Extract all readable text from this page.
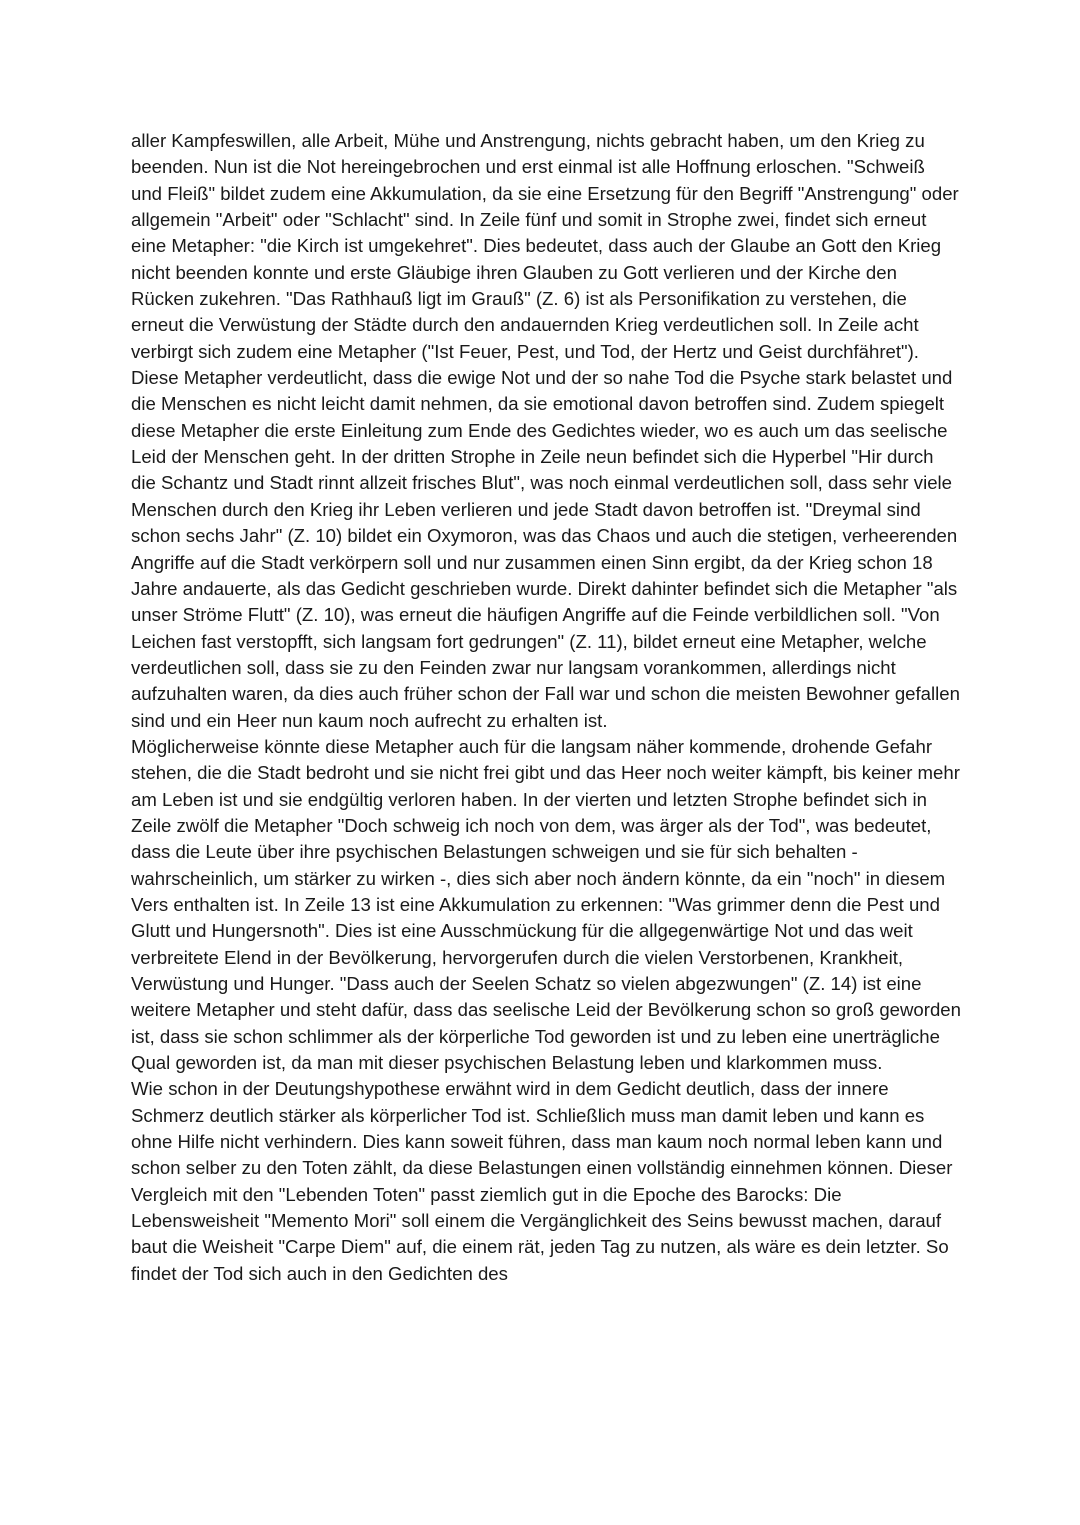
aller Kampfeswillen, alle Arbeit, Mühe und Anstrengung, nichts gebracht haben, um den Krieg zu beenden. Nun ist die Not hereingebrochen und erst einmal ist alle Hoffnung erloschen. "Schweiß und Fleiß" bildet zudem eine Akkumulation, da sie eine Ersetzung für den Begriff "Anstrengung" oder allgemein "Arbeit" oder "Schlacht" sind. In Zeile fünf und somit in Strophe zwei, findet sich erneut eine Metapher: "die Kirch ist umgekehret". Dies bedeutet, dass auch der Glaube an Gott den Krieg nicht beenden konnte und erste Gläubige ihren Glauben zu Gott verlieren und der Kirche den Rücken zukehren. "Das Rathhauß ligt im Grauß" (Z. 6) ist als Personifikation zu verstehen, die erneut die Verwüstung der Städte durch den andauernden Krieg verdeutlichen soll. In Zeile acht verbirgt sich zudem eine Metapher ("Ist Feuer, Pest, und Tod, der Hertz und Geist durchfähret"). Diese Metapher verdeutlicht, dass die ewige Not und der so nahe Tod die Psyche stark belastet und die Menschen es nicht leicht damit nehmen, da sie emotional davon betroffen sind. Zudem spiegelt diese Metapher die erste Einleitung zum Ende des Gedichtes wieder, wo es auch um das seelische Leid der Menschen geht. In der dritten Strophe in Zeile neun befindet sich die Hyperbel "Hir durch die Schantz und Stadt rinnt allzeit frisches Blut", was noch einmal verdeutlichen soll, dass sehr viele Menschen durch den Krieg ihr Leben verlieren und jede Stadt davon betroffen ist. "Dreymal sind schon sechs Jahr" (Z. 10) bildet ein Oxymoron, was das Chaos und auch die stetigen, verheerenden Angriffe auf die Stadt verkörpern soll und nur zusammen einen Sinn ergibt, da der Krieg schon 18 Jahre andauerte, als das Gedicht geschrieben wurde. Direkt dahinter befindet sich die Metapher "als unser Ströme Flutt" (Z. 10), was erneut die häufigen Angriffe auf die Feinde verbildlichen soll. "Von Leichen fast verstopfft, sich langsam fort gedrungen" (Z. 11), bildet erneut eine Metapher, welche verdeutlichen soll, dass sie zu den Feinden zwar nur langsam vorankommen, allerdings nicht aufzuhalten waren, da dies auch früher schon der Fall war und schon die meisten Bewohner gefallen sind und ein Heer nun kaum noch aufrecht zu erhalten ist.

Möglicherweise könnte diese Metapher auch für die langsam näher kommende, drohende Gefahr stehen, die die Stadt bedroht und sie nicht frei gibt und das Heer noch weiter kämpft, bis keiner mehr am Leben ist und sie endgültig verloren haben. In der vierten und letzten Strophe befindet sich in Zeile zwölf die Metapher "Doch schweig ich noch von dem, was ärger als der Tod", was bedeutet, dass die Leute über ihre psychischen Belastungen schweigen und sie für sich behalten - wahrscheinlich, um stärker zu wirken -, dies sich aber noch ändern könnte, da ein "noch" in diesem Vers enthalten ist. In Zeile 13 ist eine Akkumulation zu erkennen: "Was grimmer denn die Pest und Glutt und Hungersnoth". Dies ist eine Ausschmückung für die allgegenwärtige Not und das weit verbreitete Elend in der Bevölkerung, hervorgerufen durch die vielen Verstorbenen, Krankheit, Verwüstung und Hunger. "Dass auch der Seelen Schatz so vielen abgezwungen" (Z. 14) ist eine weitere Metapher und steht dafür, dass das seelische Leid der Bevölkerung schon so groß geworden ist, dass sie schon schlimmer als der körperliche Tod geworden ist und zu leben eine unerträgliche Qual geworden ist, da man mit dieser psychischen Belastung leben und klarkommen muss.

Wie schon in der Deutungshypothese erwähnt wird in dem Gedicht deutlich, dass der innere Schmerz deutlich stärker als körperlicher Tod ist. Schließlich muss man damit leben und kann es ohne Hilfe nicht verhindern. Dies kann soweit führen, dass man kaum noch normal leben kann und schon selber zu den Toten zählt, da diese Belastungen einen vollständig einnehmen können. Dieser Vergleich mit den "Lebenden Toten" passt ziemlich gut in die Epoche des Barocks: Die Lebensweisheit "Memento Mori" soll einem die Vergänglichkeit des Seins bewusst machen, darauf baut die Weisheit "Carpe Diem" auf, die einem rät, jeden Tag zu nutzen, als wäre es dein letzter. So findet der Tod sich auch in den Gedichten des
